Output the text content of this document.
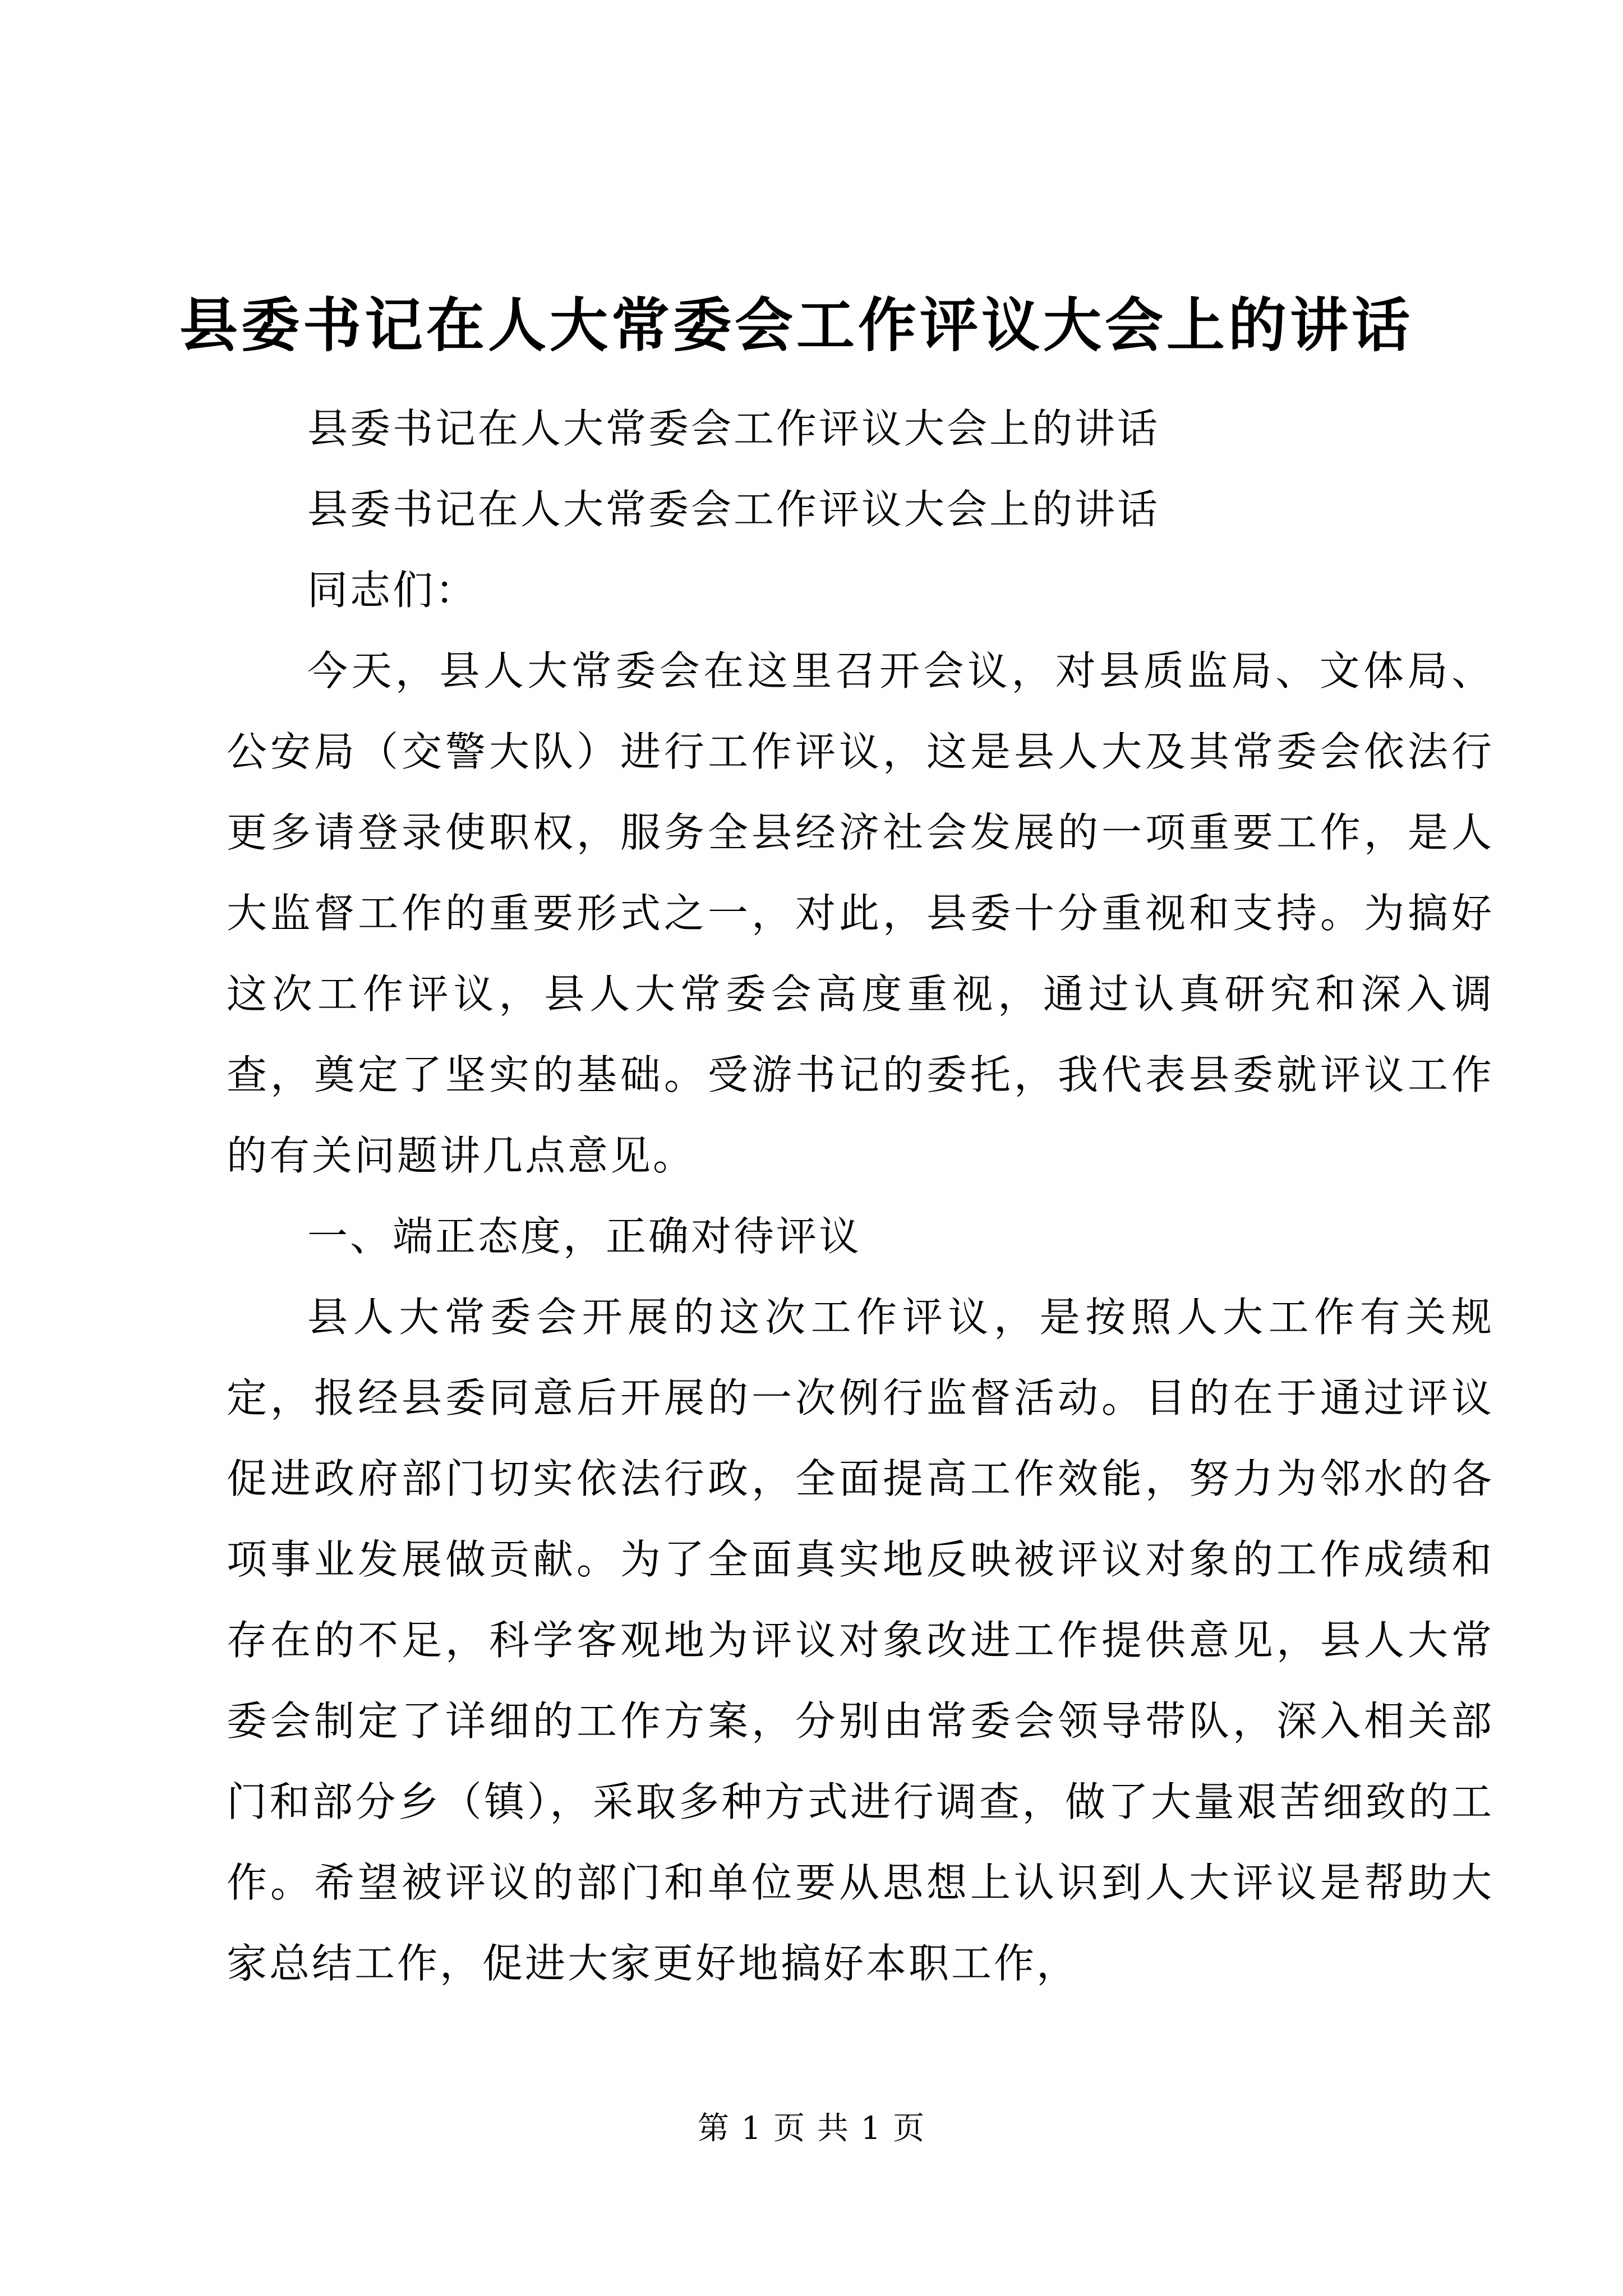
县委书记在人大常委会工作评议大会上的讲话

县委书记在人大常委会工作评议大会上的讲话

县委书记在人大常委会工作评议大会上的讲话

同志们：

今天，县人大常委会在这里召开会议，对县质监局、文体局、公安局（交警大队）进行工作评议，这是县人大及其常委会依法行更多请登录使职权，服务全县经济社会发展的一项重要工作，是人大监督工作的重要形式之一，对此，县委十分重视和支持。为搞好这次工作评议，县人大常委会高度重视，通过认真研究和深入调查，奠定了坚实的基础。受游书记的委托，我代表县委就评议工作的有关问题讲几点意见。

一、端正态度，正确对待评议

县人大常委会开展的这次工作评议，是按照人大工作有关规定，报经县委同意后开展的一次例行监督活动。目的在于通过评议促进政府部门切实依法行政，全面提高工作效能，努力为邻水的各项事业发展做贡献。为了全面真实地反映被评议对象的工作成绩和存在的不足，科学客观地为评议对象改进工作提供意见，县人大常委会制定了详细的工作方案，分别由常委会领导带队，深入相关部门和部分乡（镇），采取多种方式进行调查，做了大量艰苦细致的工作。希望被评议的部门和单位要从思想上认识到人大评议是帮助大家总结工作，促进大家更好地搞好本职工作，

第 1 页 共 1 页
